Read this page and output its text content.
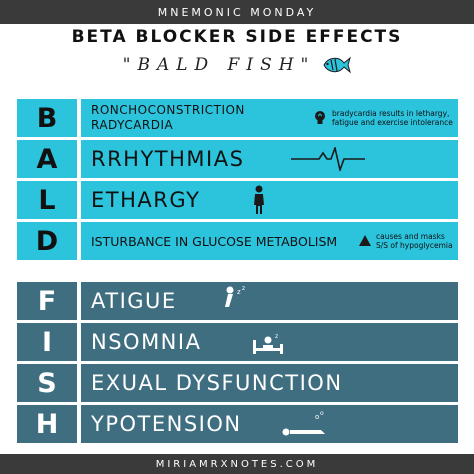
MNEMONIC MONDAY
BETA BLOCKER SIDE EFFECTS
"BALD FISH"
B	RONCHOCONSTRICTION
RADYCARDIA
bradycardia results in lethargy, fatigue and exercise intolerance
A	RRHYTHMIAS
L	ETHARGY
D	ISTURBANCE IN GLUCOSE METABOLISM	causes and masks S/S of hypoglycemia
F	ATIGUE	z z
I	NSOMNIA	z
S	EXUAL DYSFUNCTION
H	YPOTENSION	o o
MIRIAMRXNOTES.COM
